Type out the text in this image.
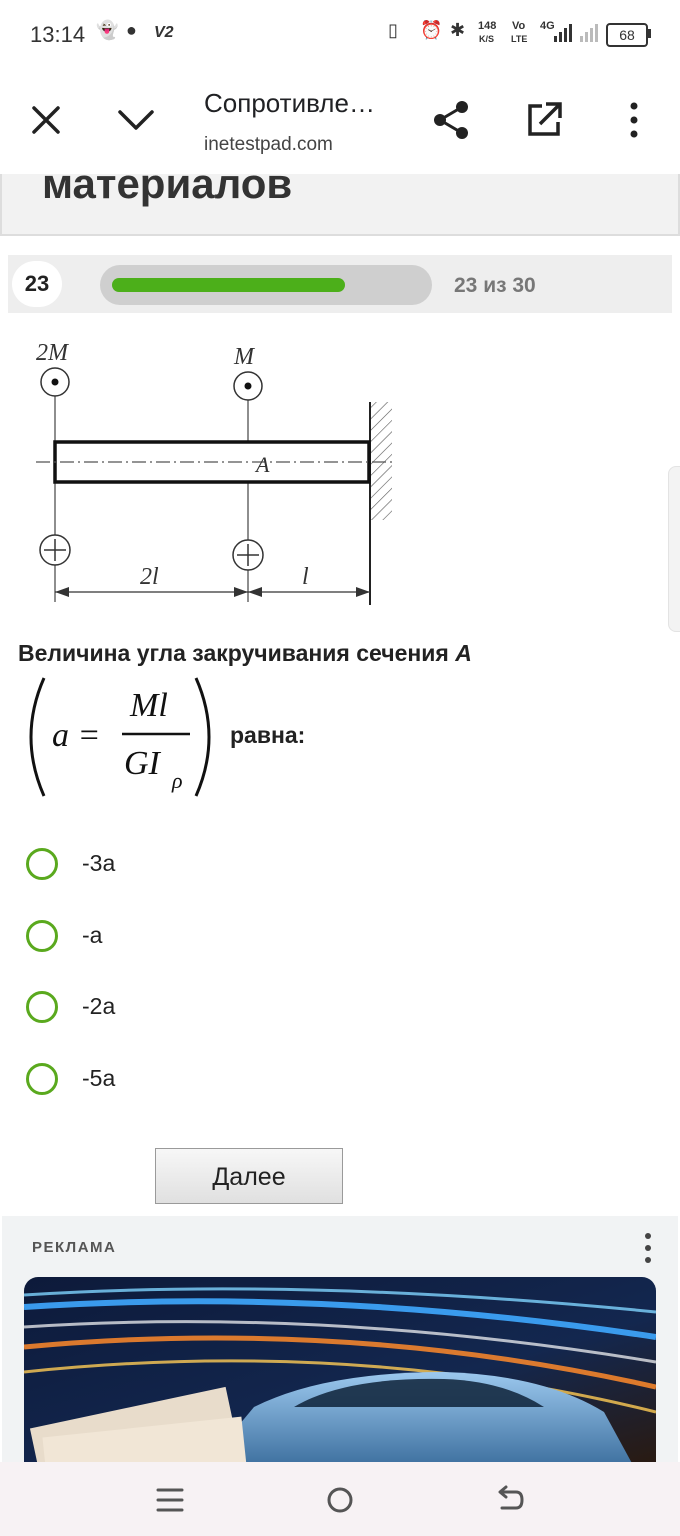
13:14 👻 ● V2	▯ ⏰ ✱ 148
K/S
Vo
LTE
4G
68
Сопротивле…
inetestpad.com
материалов
23	23 из 30
2M	M
A
2l	l
Величина угла закручивания сечения A
a =
Ml
GI ρ
равна:
-3a
-a
-2a
-5a
Далее
РЕКЛАМА
